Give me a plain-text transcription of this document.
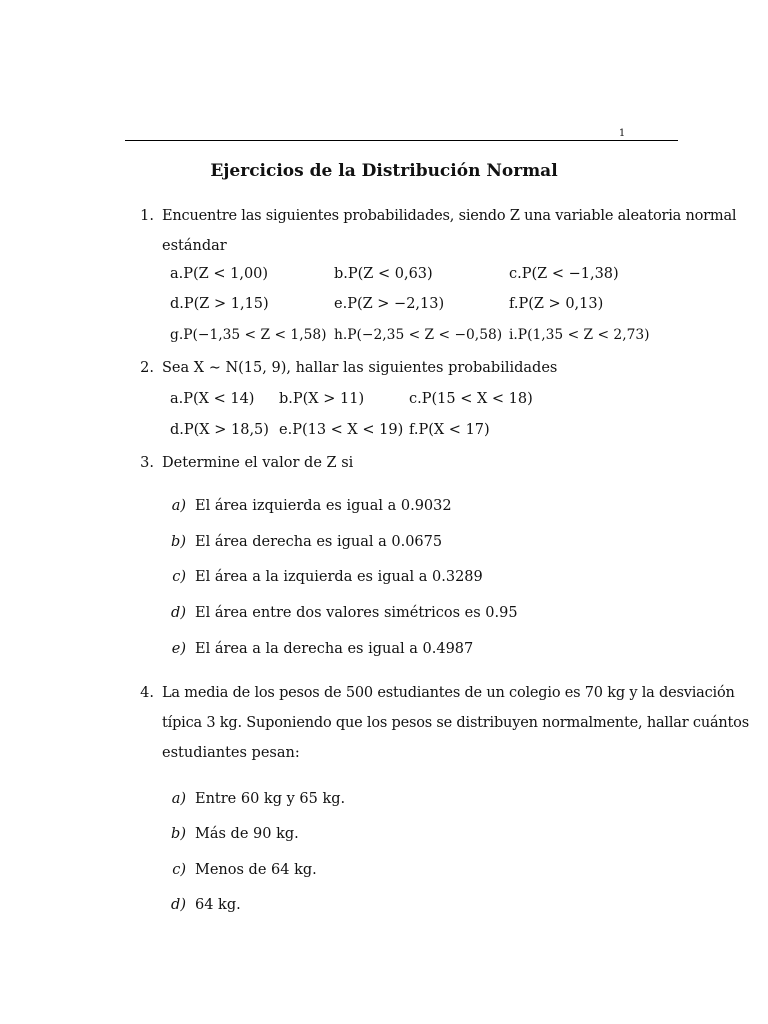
1
Ejercicios de la Distribución Normal
1. Encuentre las siguientes probabilidades, siendo Z una variable aleatoria normal
estándar
a.P(Z < 1,00)	b.P(Z < 0,63)	c.P(Z < −1,38)
d.P(Z > 1,15)	e.P(Z > −2,13)	f.P(Z > 0,13)
g.P(−1,35 < Z < 1,58) h.P(−2,35 < Z < −0,58) i.P(1,35 < Z < 2,73)
2. Sea X ∼ N(15, 9), hallar las siguientes probabilidades
a.P(X < 14) b.P(X > 11)	c.P(15 < X < 18)
d.P(X > 18,5) e.P(13 < X < 19) f.P(X < 17)
3. Determine el valor de Z si
a) El área izquierda es igual a 0.9032
b) El área derecha es igual a 0.0675
c) El área a la izquierda es igual a 0.3289
d) El área entre dos valores simétricos es 0.95
e) El área a la derecha es igual a 0.4987
4. La media de los pesos de 500 estudiantes de un colegio es 70 kg y la desviación
típica 3 kg. Suponiendo que los pesos se distribuyen normalmente, hallar cuántos
estudiantes pesan:
a) Entre 60 kg y 65 kg.
b) Más de 90 kg.
c) Menos de 64 kg.
d) 64 kg.
